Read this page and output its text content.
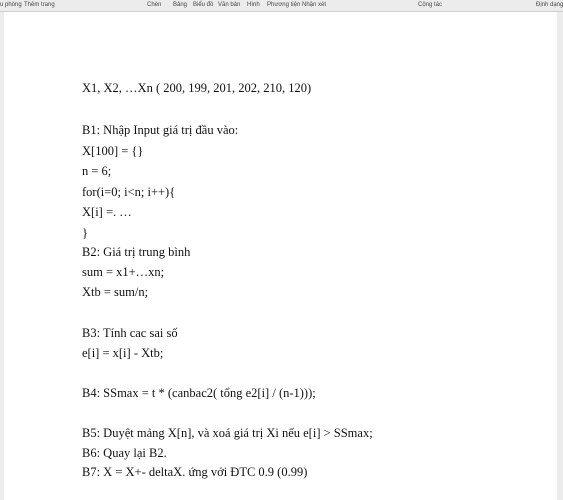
u phòng Thêm trang	Chèn Bảng Biểu đồ Văn bản Hình Phương tiện Nhận xét	Cộng tác	Định dạng
X1, X2, …Xn ( 200, 199, 201, 202, 210, 120)
B1: Nhập Input giá trị đầu vào:
X[100] = {}
n = 6;
for(i=0; i<n; i++){
X[i] =. …
}
B2: Giá trị trung bình
sum = x1+…xn;
Xtb = sum/n;
B3: Tính cac sai số
e[i] = x[i] - Xtb;
B4: SSmax = t * (canbac2( tổng e2[i] / (n-1)));
B5: Duyệt mảng X[n], và xoá giá trị Xi nếu e[i] > SSmax;
B6: Quay lại B2.
B7: X = X+- deltaX. ứng với ĐTC 0.9 (0.99)
